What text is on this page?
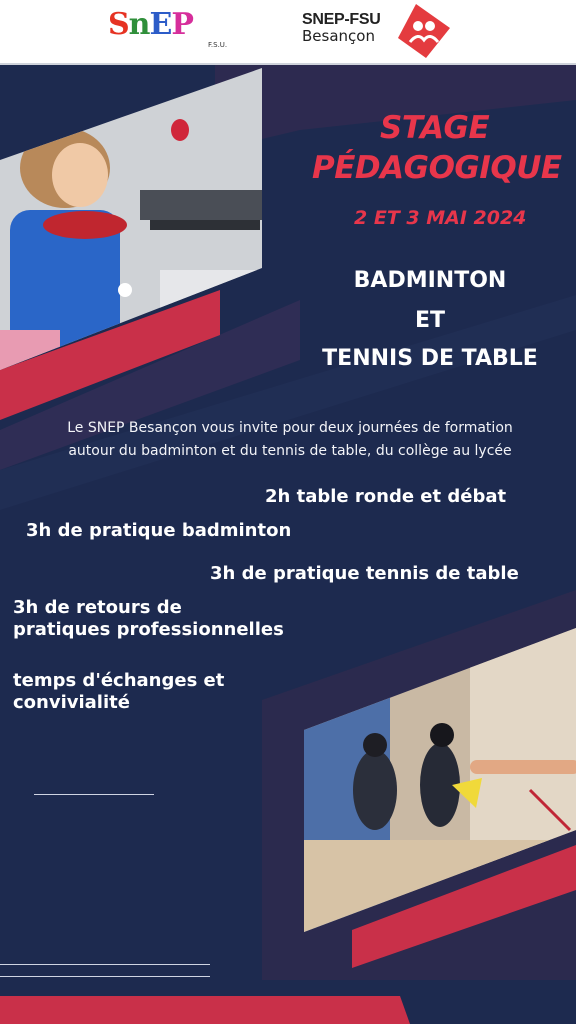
SnEP
F.S.U.
SNEP-FSU
Besançon

STAGE

PÉDAGOGIQUE

2 ET 3 MAI 2024

BADMINTON

ET

TENNIS DE TABLE

Le SNEP Besançon vous invite pour deux journées de formation
autour du badminton et du tennis de table, du collège au lycée

2h table ronde et débat

3h de pratique badminton

3h de pratique tennis de table

3h de retours de
pratiques professionnelles
temps d'échanges et
convivialité
